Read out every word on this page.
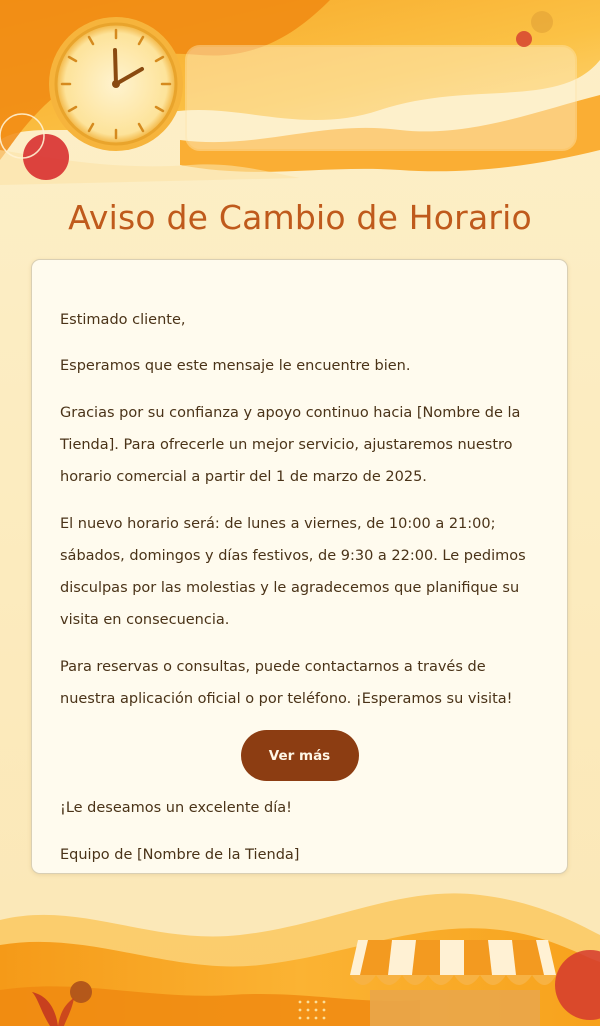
Aviso de Cambio de Horario

Estimado cliente,

Esperamos que este mensaje le encuentre bien.

Gracias por su confianza y apoyo continuo hacia [Nombre de la Tienda]. Para ofrecerle un mejor servicio, ajustaremos nuestro horario comercial a partir del 1 de marzo de 2025.

El nuevo horario será: de lunes a viernes, de 10:00 a 21:00; sábados, domingos y días festivos, de 9:30 a 22:00. Le pedimos disculpas por las molestias y le agradecemos que planifique su visita en consecuencia.

Para reservas o consultas, puede contactarnos a través de nuestra aplicación oficial o por teléfono. ¡Esperamos su visita!

Ver más

¡Le deseamos un excelente día!

Equipo de [Nombre de la Tienda]
